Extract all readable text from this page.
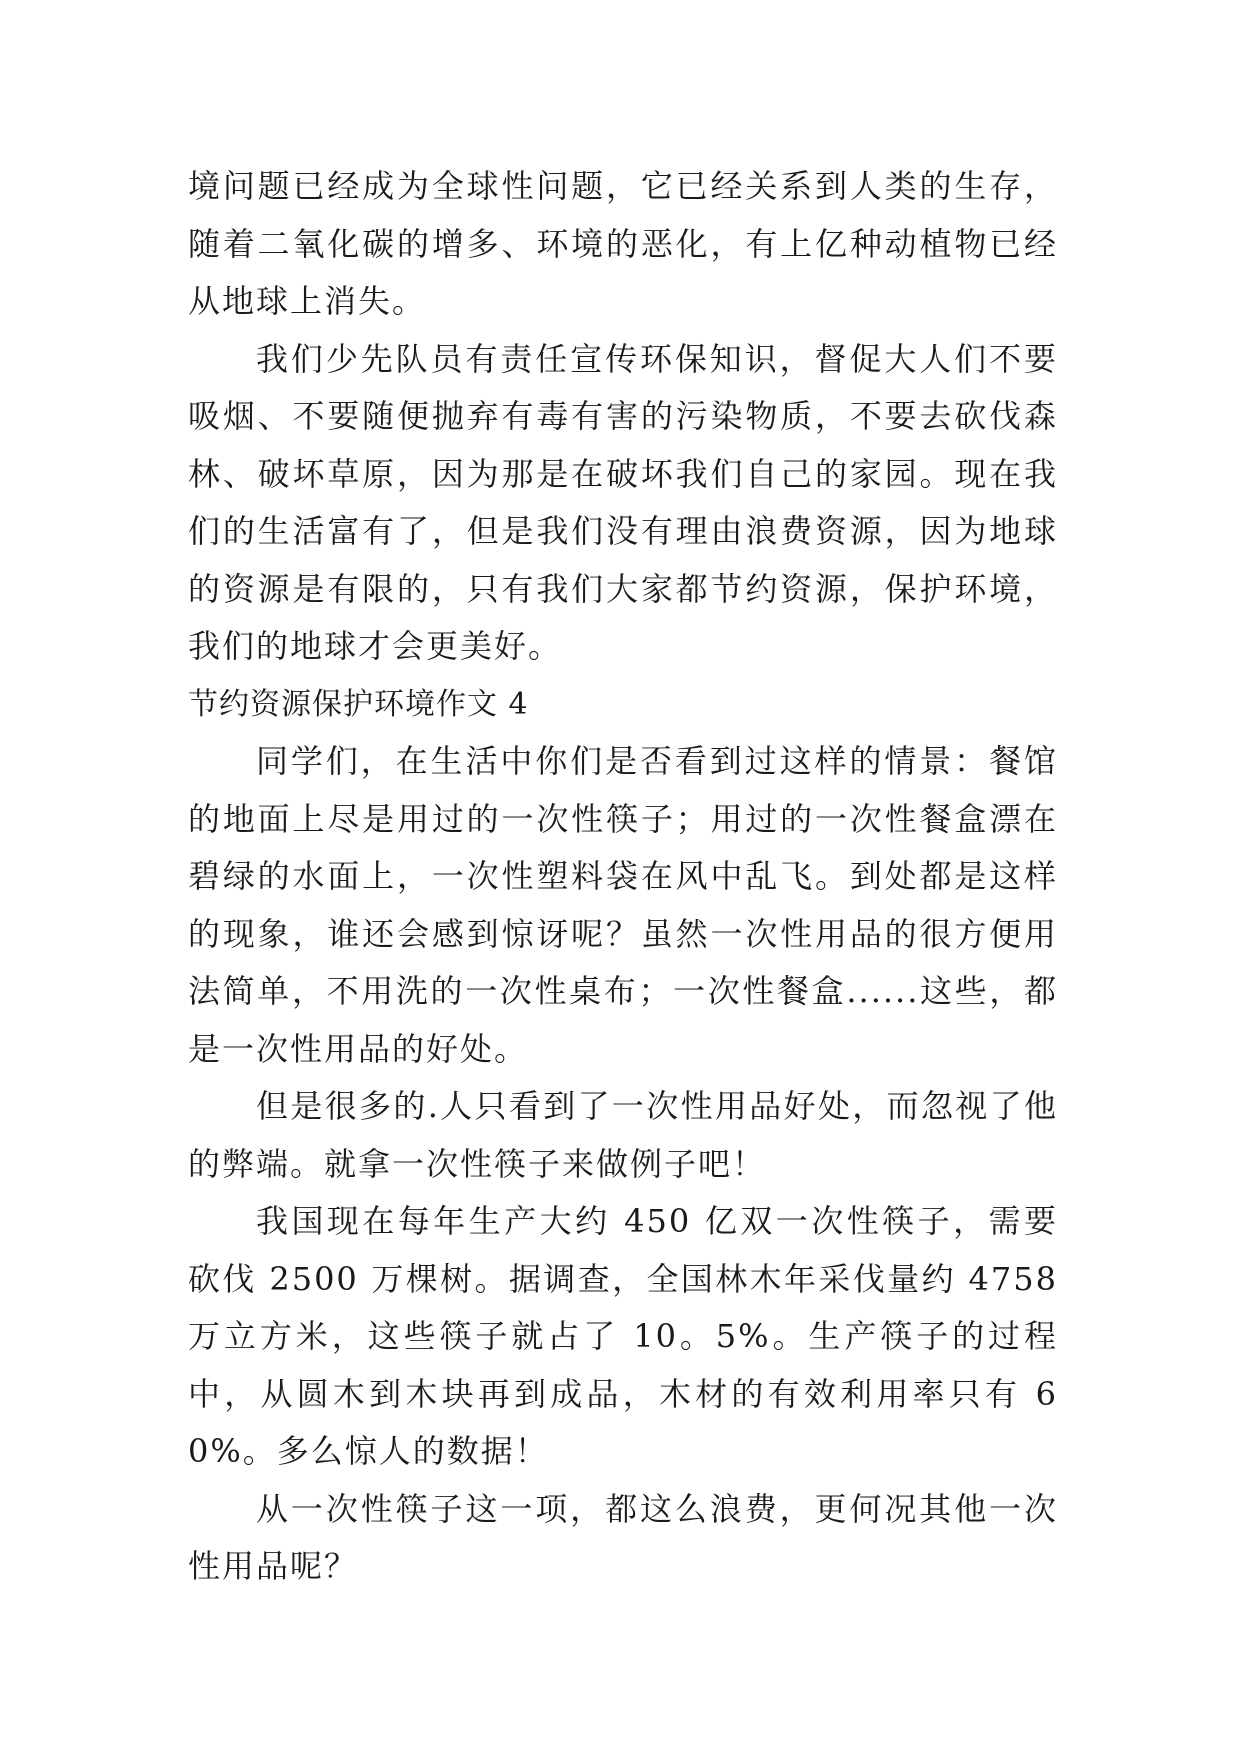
境问题已经成为全球性问题，它已经关系到人类的生存，随着二氧化碳的增多、环境的恶化，有上亿种动植物已经从地球上消失。

我们少先队员有责任宣传环保知识，督促大人们不要吸烟、不要随便抛弃有毒有害的污染物质，不要去砍伐森林、破坏草原，因为那是在破坏我们自己的家园。现在我们的生活富有了，但是我们没有理由浪费资源，因为地球的资源是有限的，只有我们大家都节约资源，保护环境，我们的地球才会更美好。

节约资源保护环境作文 4

同学们，在生活中你们是否看到过这样的情景：餐馆的地面上尽是用过的一次性筷子；用过的一次性餐盒漂在碧绿的水面上，一次性塑料袋在风中乱飞。到处都是这样的现象，谁还会感到惊讶呢？虽然一次性用品的很方便用法简单，不用洗的一次性桌布；一次性餐盒......这些，都是一次性用品的好处。

但是很多的.人只看到了一次性用品好处，而忽视了他的弊端。就拿一次性筷子来做例子吧！

我国现在每年生产大约 450 亿双一次性筷子，需要砍伐 2500 万棵树。据调查，全国林木年采伐量约 4758 万立方米，这些筷子就占了 10。5%。生产筷子的过程中，从圆木到木块再到成品，木材的有效利用率只有 60%。多么惊人的数据！

从一次性筷子这一项，都这么浪费，更何况其他一次性用品呢？
